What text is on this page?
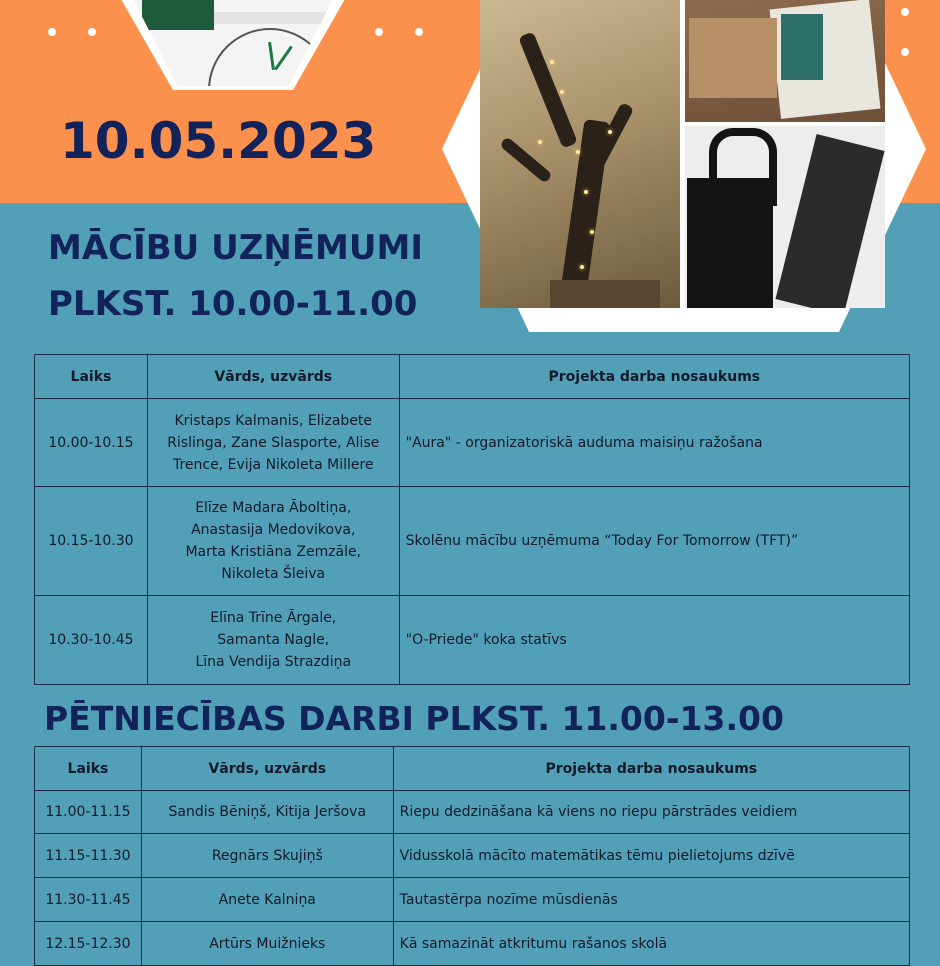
10.05.2023
MĀCĪBU UZŅĒMUMI
PLKST. 10.00-11.00
Laiks	Vārds, uzvārds	Projekta darba nosaukums
10.00-10.15	Kristaps Kalmanis, Elizabete
Rislinga, Zane Slasporte, Alise
Trence, Evija Nikoleta Millere	"Aura" - organizatoriskā auduma maisiņu ražošana
10.15-10.30	Elīze Madara Āboltiņa,
Anastasija Medovikova,
Marta Kristiāna Zemzāle,
Nikoleta Šleiva	Skolēnu mācību uzņēmuma “Today For Tomorrow (TFT)”
10.30-10.45	Elīna Trīne Ārgale,
Samanta Nagle,
Līna Vendija Strazdiņa	"O-Priede" koka statīvs
PĒTNIECĪBAS DARBI PLKST. 11.00-13.00
Laiks	Vārds, uzvārds	Projekta darba nosaukums
11.00-11.15	Sandis Bēniņš, Kitija Jeršova	Riepu dedzināšana kā viens no riepu pārstrādes veidiem
11.15-11.30	Regnārs Skujiņš	Vidusskolā mācīto matemātikas tēmu pielietojums dzīvē
11.30-11.45	Anete Kalniņa	Tautastērpa nozīme mūsdienās
12.15-12.30	Artūrs Muižnieks	Kā samazināt atkritumu rašanos skolā
